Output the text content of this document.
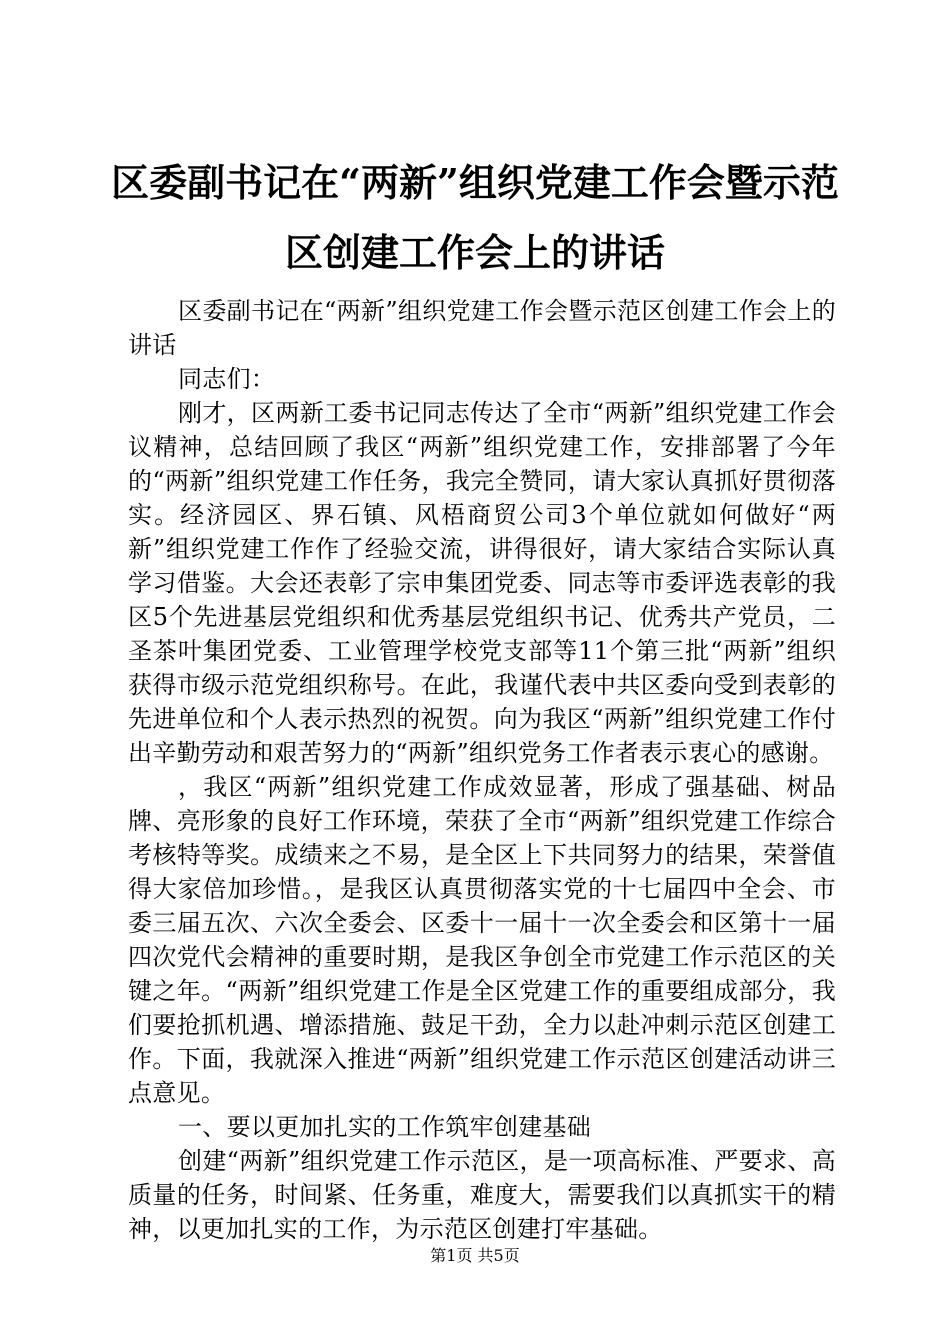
区委副书记在“两新”组织党建工作会暨示范
区创建工作会上的讲话

区委副书记在“两新”组织党建工作会暨示范区创建工作会上的讲话

同志们：

刚才，区两新工委书记同志传达了全市“两新”组织党建工作会议精神，总结回顾了我区“两新”组织党建工作，安排部署了今年的“两新”组织党建工作任务，我完全赞同，请大家认真抓好贯彻落实。经济园区、界石镇、风梧商贸公司3个单位就如何做好“两新”组织党建工作作了经验交流，讲得很好，请大家结合实际认真学习借鉴。大会还表彰了宗申集团党委、同志等市委评选表彰的我区5个先进基层党组织和优秀基层党组织书记、优秀共产党员，二圣茶叶集团党委、工业管理学校党支部等11个第三批“两新”组织获得市级示范党组织称号。在此，我谨代表中共区委向受到表彰的先进单位和个人表示热烈的祝贺。向为我区“两新”组织党建工作付出辛勤劳动和艰苦努力的“两新”组织党务工作者表示衷心的感谢。

，我区“两新”组织党建工作成效显著，形成了强基础、树品牌、亮形象的良好工作环境，荣获了全市“两新”组织党建工作综合考核特等奖。成绩来之不易，是全区上下共同努力的结果，荣誉值得大家倍加珍惜。，是我区认真贯彻落实党的十七届四中全会、市委三届五次、六次全委会、区委十一届十一次全委会和区第十一届四次党代会精神的重要时期，是我区争创全市党建工作示范区的关键之年。“两新”组织党建工作是全区党建工作的重要组成部分，我们要抢抓机遇、增添措施、鼓足干劲，全力以赴冲刺示范区创建工作。下面，我就深入推进“两新”组织党建工作示范区创建活动讲三点意见。

一、要以更加扎实的工作筑牢创建基础

创建“两新”组织党建工作示范区，是一项高标准、严要求、高质量的任务，时间紧、任务重，难度大，需要我们以真抓实干的精神，以更加扎实的工作，为示范区创建打牢基础。

第1页 共5页
